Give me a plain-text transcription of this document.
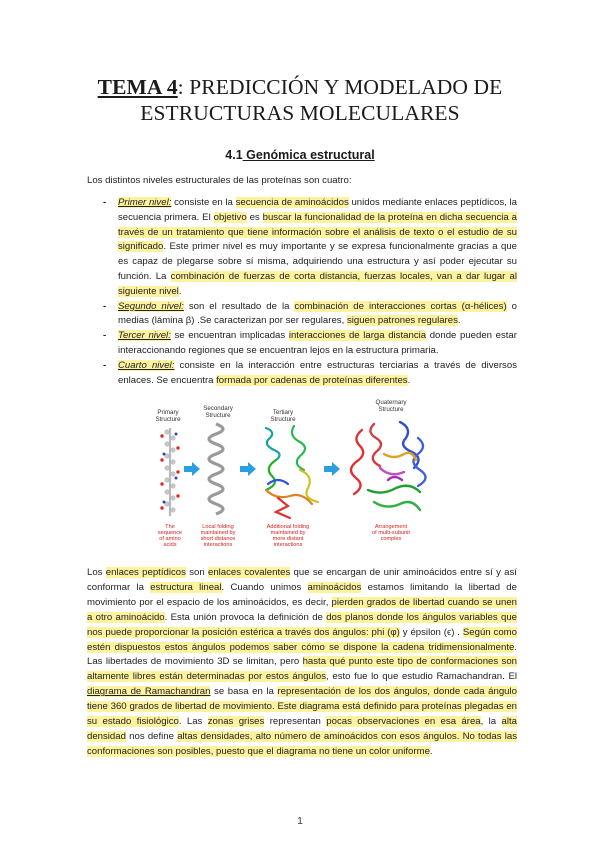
TEMA 4: PREDICCIÓN Y MODELADO DE
ESTRUCTURAS MOLECULARES
4.1 Genómica estructural
Los distintos niveles estructurales de las proteínas son cuatro:
- Primer nivel: consiste en la secuencia de aminoácidos unidos mediante enlaces peptídicos, la secuencia primera. El objetivo es buscar la funcionalidad de la proteína en dicha secuencia a través de un tratamiento que tiene información sobre el análisis de texto o el estudio de su significado. Este primer nivel es muy importante y se expresa funcionalmente gracias a que es capaz de plegarse sobre sí misma, adquiriendo una estructura y así poder ejecutar su función. La combinación de fuerzas de corta distancia, fuerzas locales, van a dar lugar al siguiente nivel.
- Segundo nivel: son el resultado de la combinación de interacciones cortas (α-hélices) o medias (lámina β) .Se caracterizan por ser regulares, siguen patrones regulares.
- Tercer nivel: se encuentran implicadas interacciones de larga distancia donde pueden estar interaccionando regiones que se encuentran lejos en la estructura primaria.
- Cuarto nivel: consiste en la interacción entre estructuras terciarias a través de diversos enlaces. Se encuentra formada por cadenas de proteínas diferentes.
Primary
Structure
Secondary
Structure	Tertiary
Structure
Quaternary
Structure
The
sequence
of amino
acids
Local folding
maintained by
short distance
interactions
Additional folding
maintained by
more distant
interactions
Arrangement
of multi-subunit
complex
Los enlaces peptídicos son enlaces covalentes que se encargan de unir aminoácidos entre sí y así conformar la estructura lineal. Cuando unimos aminoácidos estamos limitando la libertad de movimiento por el espacio de los aminoácidos, es decir, pierden grados de libertad cuando se unen a otro aminoácido. Esta unión provoca la definición de dos planos donde los ángulos variables que nos puede proporcionar la posición estérica a través dos ángulos: phi (φ) y épsilon (ϵ) . Según como estén dispuestos estos ángulos podemos saber cómo se dispone la cadena tridimensionalmente. Las libertades de movimiento 3D se limitan, pero hasta qué punto este tipo de conformaciones son altamente libres están determinadas por estos ángulos, esto fue lo que estudio Ramachandran. El diagrama de Ramachandran se basa en la representación de los dos ángulos, donde cada ángulo tiene 360 grados de libertad de movimiento. Este diagrama está definido para proteínas plegadas en su estado fisiológico. Las zonas grises representan pocas observaciones en esa área, la alta densidad nos define altas densidades, alto número de aminoácidos con esos ángulos. No todas las conformaciones son posibles, puesto que el diagrama no tiene un color uniforme.
1
